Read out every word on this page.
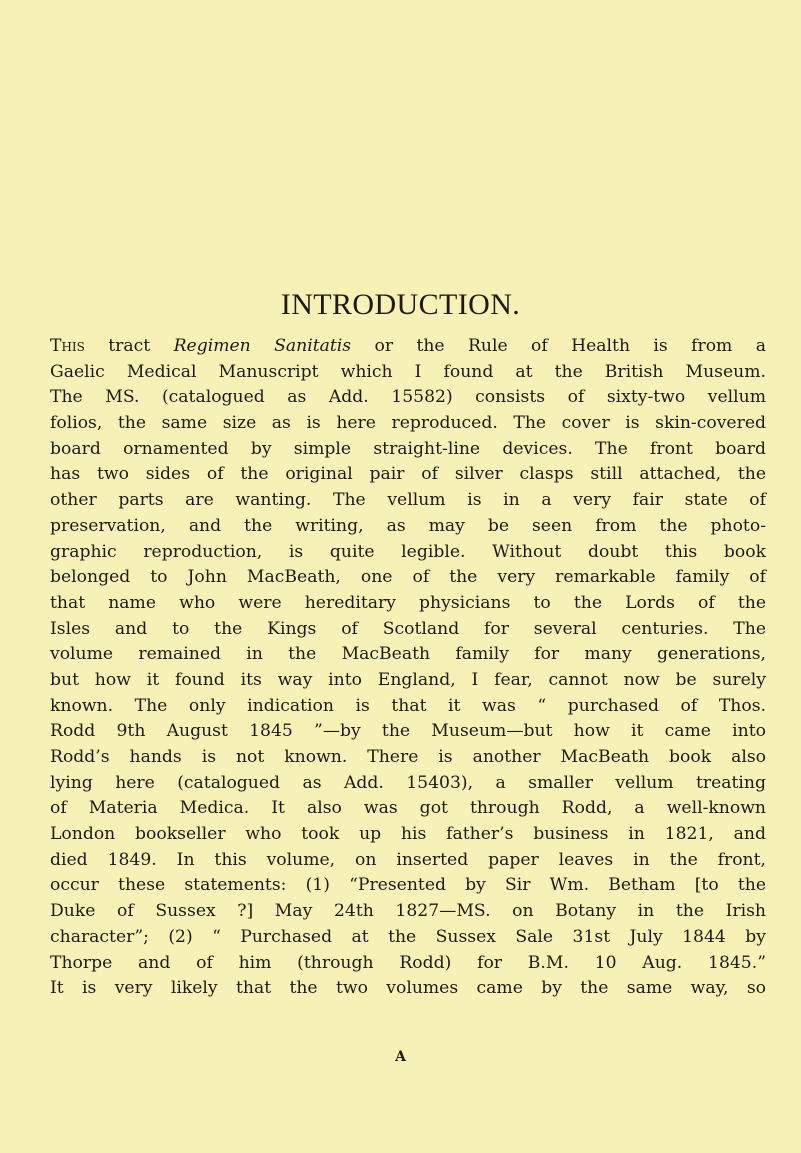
INTRODUCTION.

This tract Regimen Sanitatis or the Rule of Health is from a

Gaelic Medical Manuscript which I found at the British Museum.

The MS. (catalogued as Add. 15582) consists of sixty-two vellum

folios, the same size as is here reproduced. The cover is skin-covered

board ornamented by simple straight-line devices. The front board

has two sides of the original pair of silver clasps still attached, the

other parts are wanting. The vellum is in a very fair state of

preservation, and the writing, as may be seen from the photo-

graphic reproduction, is quite legible. Without doubt this book

belonged to John MacBeath, one of the very remarkable family of

that name who were hereditary physicians to the Lords of the

Isles and to the Kings of Scotland for several centuries. The

volume remained in the MacBeath family for many generations,

but how it found its way into England, I fear, cannot now be surely

known. The only indication is that it was “ purchased of Thos.

Rodd 9th August 1845 ”—by the Museum—but how it came into

Rodd’s hands is not known. There is another MacBeath book also

lying here (catalogued as Add. 15403), a smaller vellum treating

of Materia Medica. It also was got through Rodd, a well-known

London bookseller who took up his father’s business in 1821, and

died 1849. In this volume, on inserted paper leaves in the front,

occur these statements: (1) “Presented by Sir Wm. Betham [to the

Duke of Sussex ?] May 24th 1827—MS. on Botany in the Irish

character”; (2) “ Purchased at the Sussex Sale 31st July 1844 by

Thorpe and of him (through Rodd) for B.M. 10 Aug. 1845.”

It is very likely that the two volumes came by the same way, so

A
